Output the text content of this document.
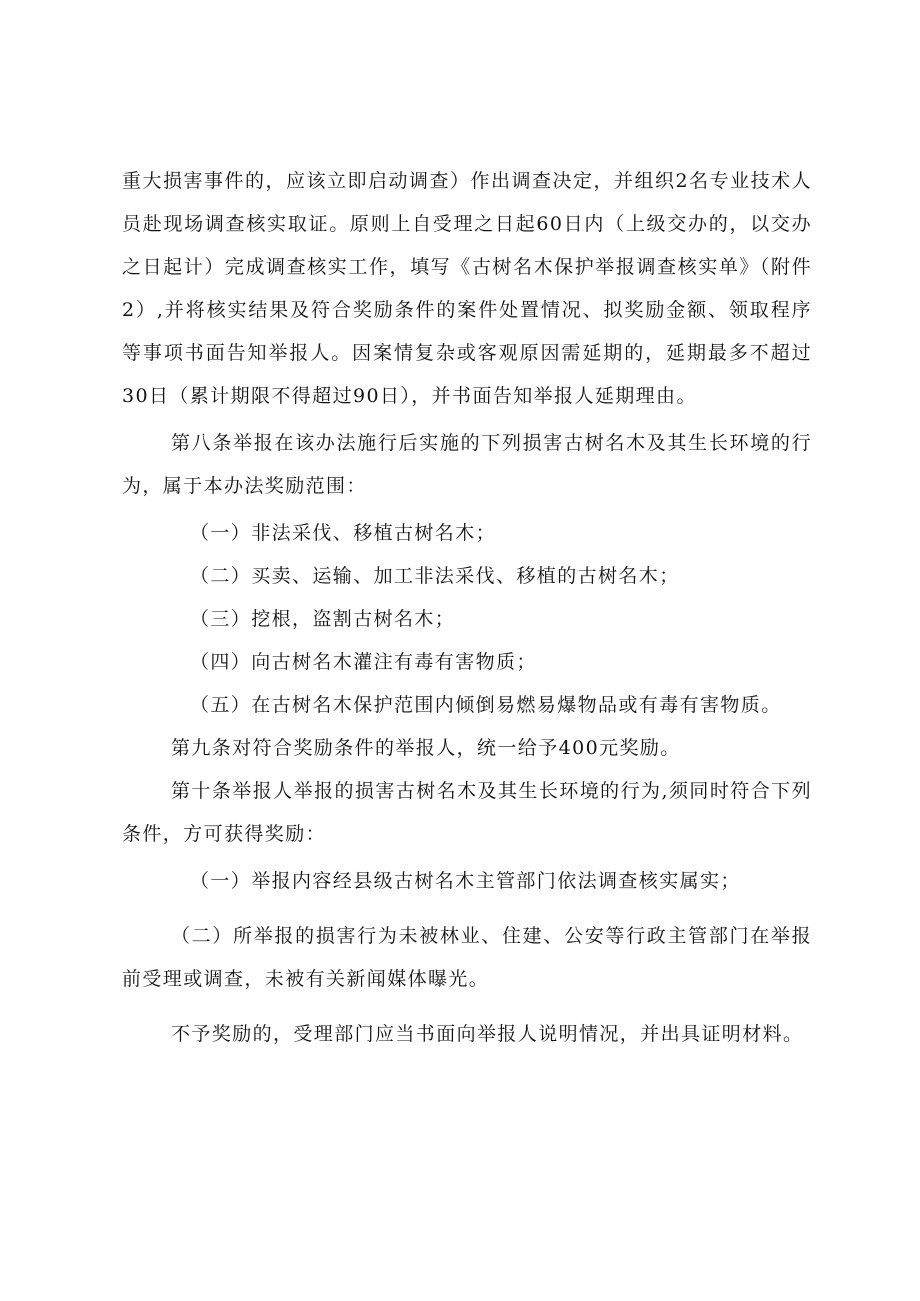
重大损害事件的，应该立即启动调查）作出调查决定，并组织2名专业技术人员赴现场调查核实取证。原则上自受理之日起60日内（上级交办的，以交办之日起计）完成调查核实工作，填写《古树名木保护举报调查核实单》（附件2）,并将核实结果及符合奖励条件的案件处置情况、拟奖励金额、领取程序等事项书面告知举报人。因案情复杂或客观原因需延期的，延期最多不超过30日（累计期限不得超过90日），并书面告知举报人延期理由。

第八条举报在该办法施行后实施的下列损害古树名木及其生长环境的行为，属于本办法奖励范围：

（一）非法采伐、移植古树名木；

（二）买卖、运输、加工非法采伐、移植的古树名木；

（三）挖根，盗割古树名木；

（四）向古树名木灌注有毒有害物质；

（五）在古树名木保护范围内倾倒易燃易爆物品或有毒有害物质。

第九条对符合奖励条件的举报人，统一给予400元奖励。

第十条举报人举报的损害古树名木及其生长环境的行为,须同时符合下列条件，方可获得奖励：

（一）举报内容经县级古树名木主管部门依法调查核实属实；

（二）所举报的损害行为未被林业、住建、公安等行政主管部门在举报前受理或调查，未被有关新闻媒体曝光。

不予奖励的，受理部门应当书面向举报人说明情况，并出具证明材料。
